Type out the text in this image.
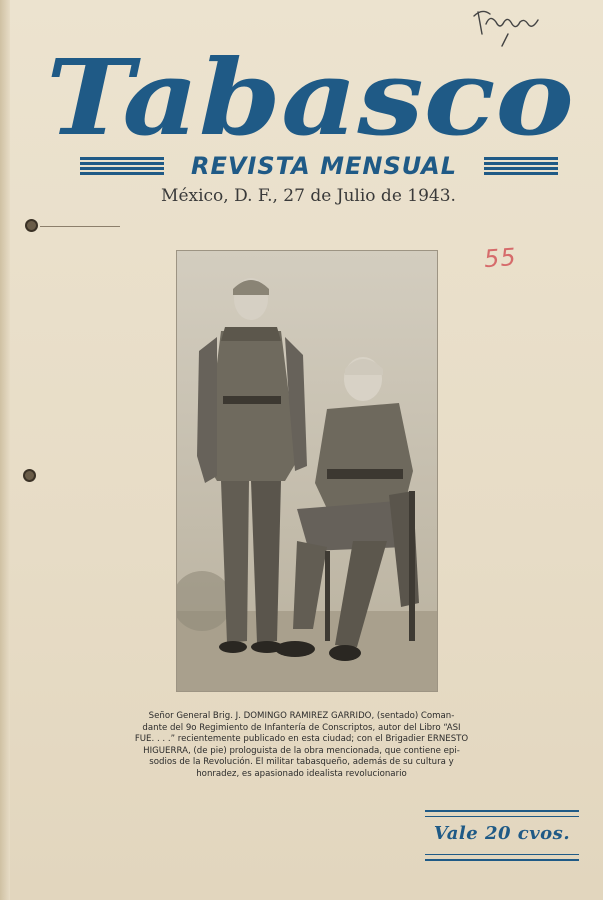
55
Tabasco
REVISTA MENSUAL
México, D. F., 27 de Julio de 1943.
Señor General Brig. J. DOMINGO RAMIREZ GARRIDO, (sentado) Coman-
dante del 9o Regimiento de Infantería de Conscriptos, autor del Libro “ASI
FUE. . . .” recientemente publicado en esta ciudad; con el Brigadier ERNESTO
HIGUERRA, (de pie) prologuista de la obra mencionada, que contiene epi-
sodios de la Revolución. El militar tabasqueño, además de su cultura y
honradez, es apasionado idealista revolucionario
Vale 20 cvos.
